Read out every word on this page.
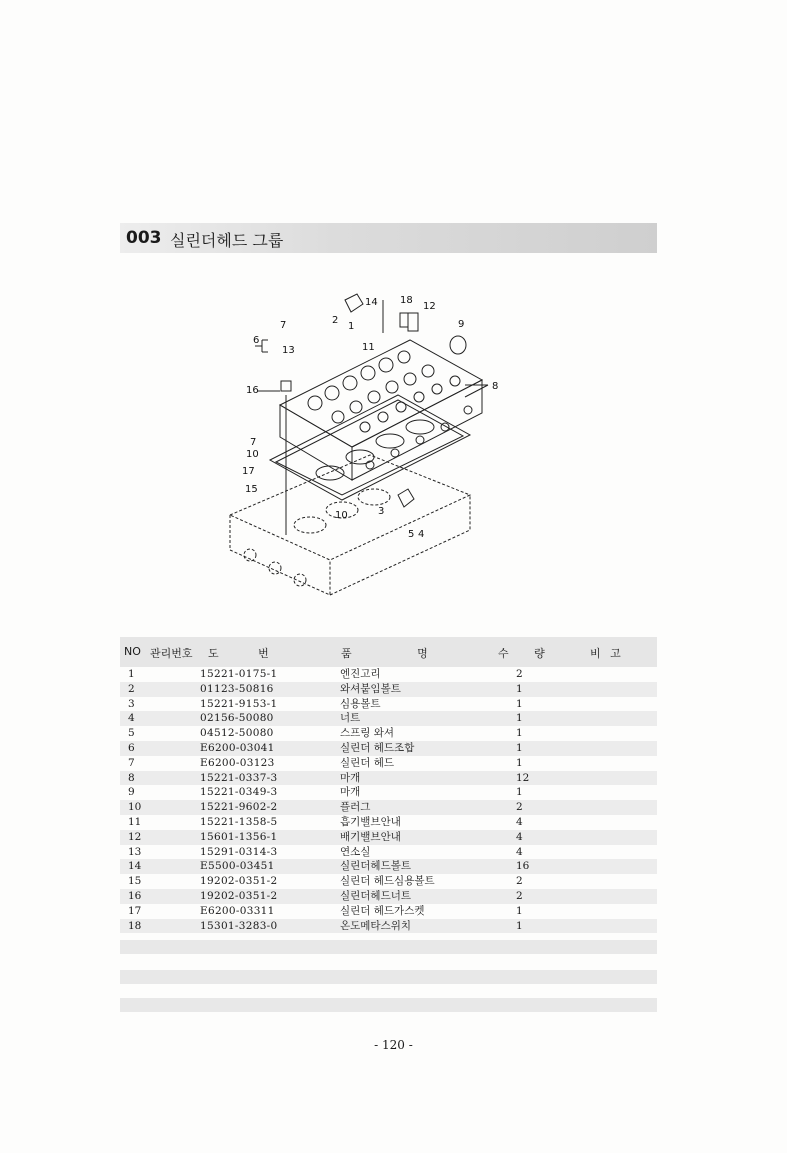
003 실린더헤드 그룹
2
1
14 18
12
9
7
6
13	11
8
16
7
10
17
15
10	3
5 4
NO 관리번호 도 번	품 명	수 량	비 고
1	15221-0175-1	엔진고리	2
2	01123-50816	와셔붙임볼트	1
3	15221-9153-1	심용볼트	1
4	02156-50080	너트	1
5	04512-50080	스프링 와셔	1
6	E6200-03041	실린더 헤드조합	1
7	E6200-03123	실린더 헤드	1
8	15221-0337-3	마개	12
9	15221-0349-3	마개	1
10	15221-9602-2	플러그	2
11	15221-1358-5	흡기밸브안내	4
12	15601-1356-1	배기밸브안내	4
13	15291-0314-3	연소실	4
14	E5500-03451	실린더헤드볼트	16
15	19202-0351-2	실린더 헤드심용볼트	2
16	19202-0351-2	실린더헤드너트	2
17	E6200-03311	실린더 헤드가스켓	1
18	15301-3283-0	온도메타스위치	1
- 120 -
